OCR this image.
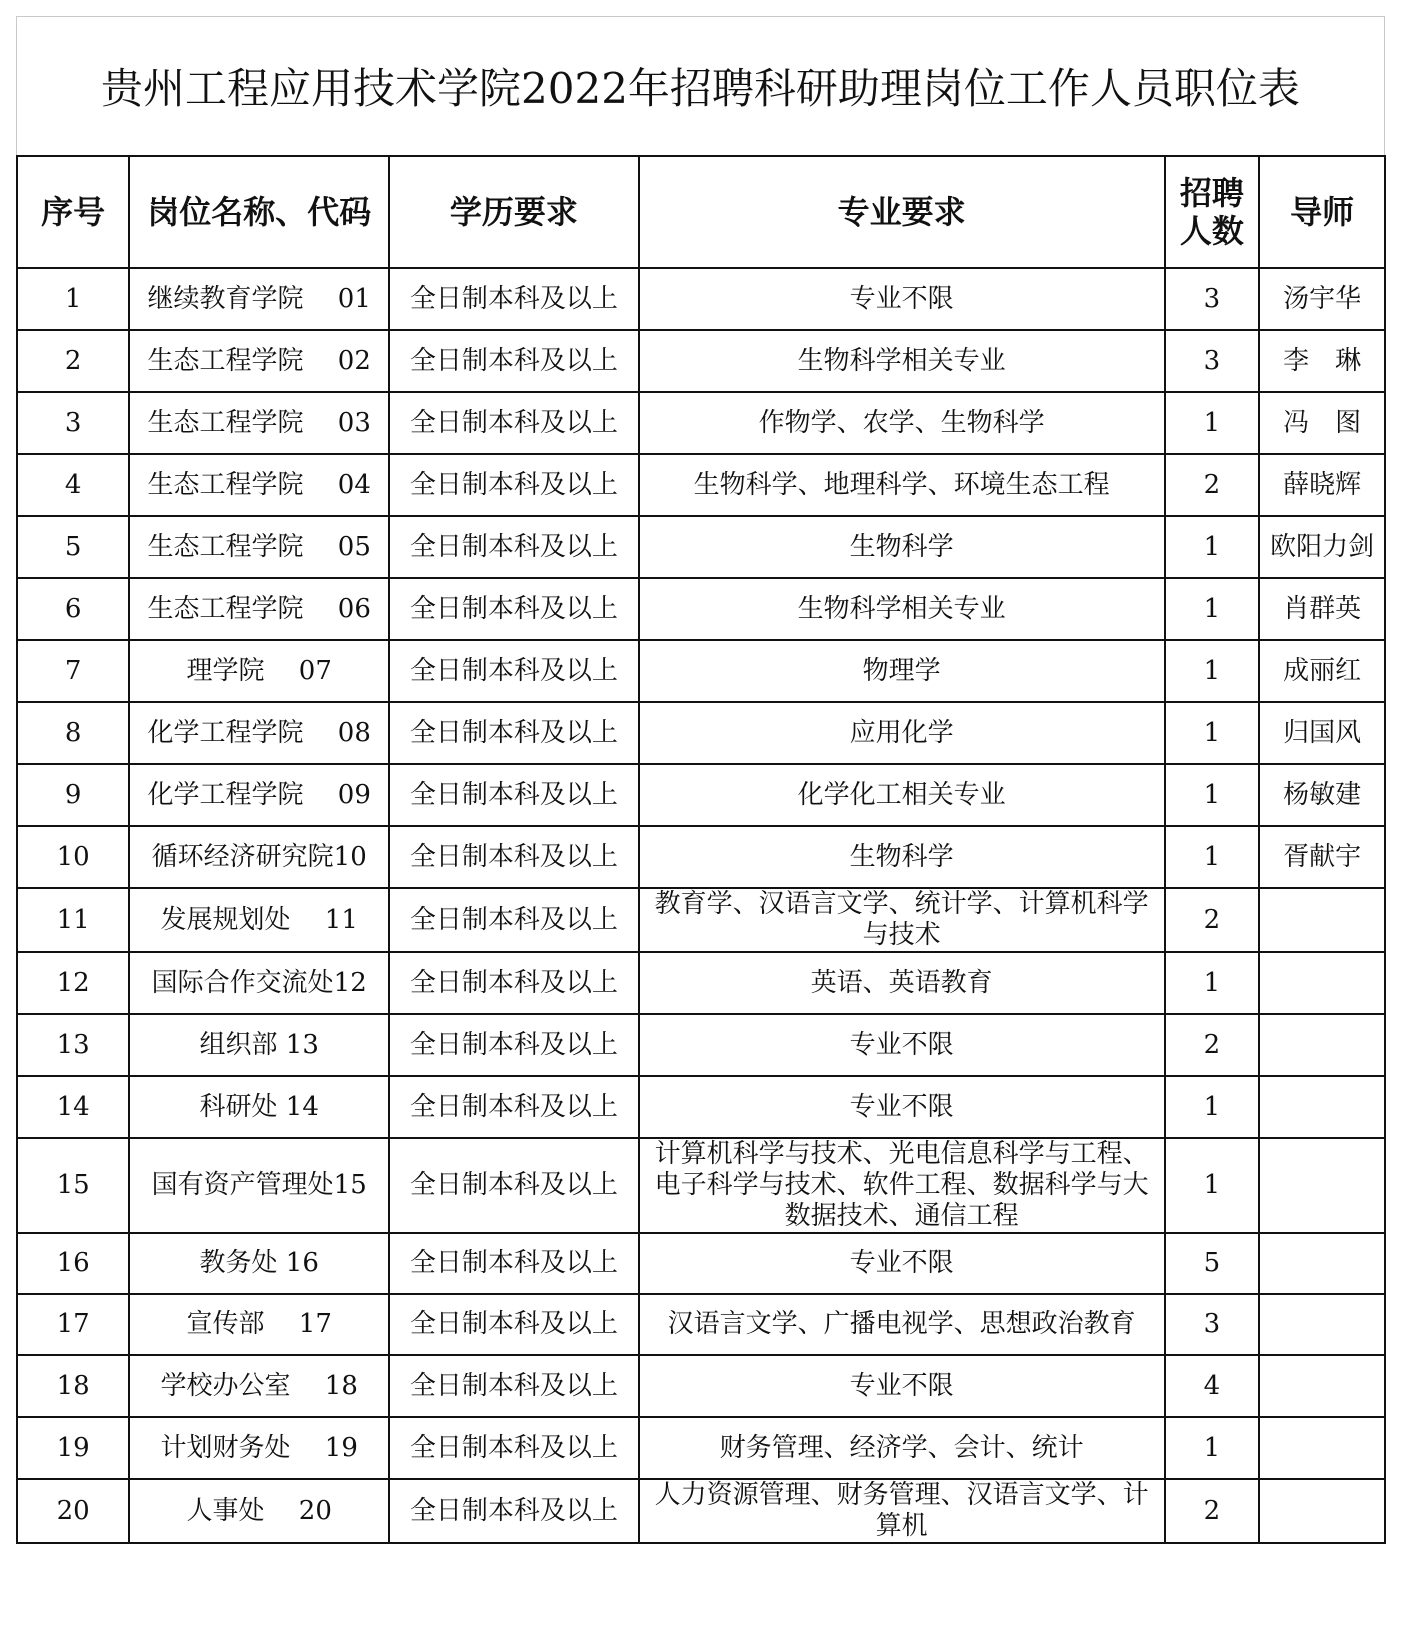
贵州工程应用技术学院2022年招聘科研助理岗位工作人员职位表
序号	岗位名称、代码	学历要求	专业要求	招聘人数	导师
1	继续教育学院　 01	全日制本科及以上	专业不限	3	汤宇华
2	生态工程学院　 02	全日制本科及以上	生物科学相关专业	3	李　琳
3	生态工程学院　 03	全日制本科及以上	作物学、农学、生物科学	1	冯　图
4	生态工程学院　 04	全日制本科及以上	生物科学、地理科学、环境生态工程	2	薛晓辉
5	生态工程学院　 05	全日制本科及以上	生物科学	1	欧阳力剑
6	生态工程学院　 06	全日制本科及以上	生物科学相关专业	1	肖群英
7	理学院　 07	全日制本科及以上	物理学	1	成丽红
8	化学工程学院　 08	全日制本科及以上	应用化学	1	归国风
9	化学工程学院　 09	全日制本科及以上	化学化工相关专业	1	杨敏建
10	循环经济研究院10	全日制本科及以上	生物科学	1	胥献宇
11	发展规划处　 11	全日制本科及以上	教育学、汉语言文学、统计学、计算机科学与技术	2	
12	国际合作交流处12	全日制本科及以上	英语、英语教育	1	
13	组织部 13	全日制本科及以上	专业不限	2	
14	科研处 14	全日制本科及以上	专业不限	1	
15	国有资产管理处15	全日制本科及以上	计算机科学与技术、光电信息科学与工程、电子科学与技术、软件工程、数据科学与大数据技术、通信工程	1	
16	教务处 16	全日制本科及以上	专业不限	5	
17	宣传部　 17	全日制本科及以上	汉语言文学、广播电视学、思想政治教育	3	
18	学校办公室　 18	全日制本科及以上	专业不限	4	
19	计划财务处　 19	全日制本科及以上	财务管理、经济学、会计、统计	1	
20	人事处　 20	全日制本科及以上	人力资源管理、财务管理、汉语言文学、计算机	2	
